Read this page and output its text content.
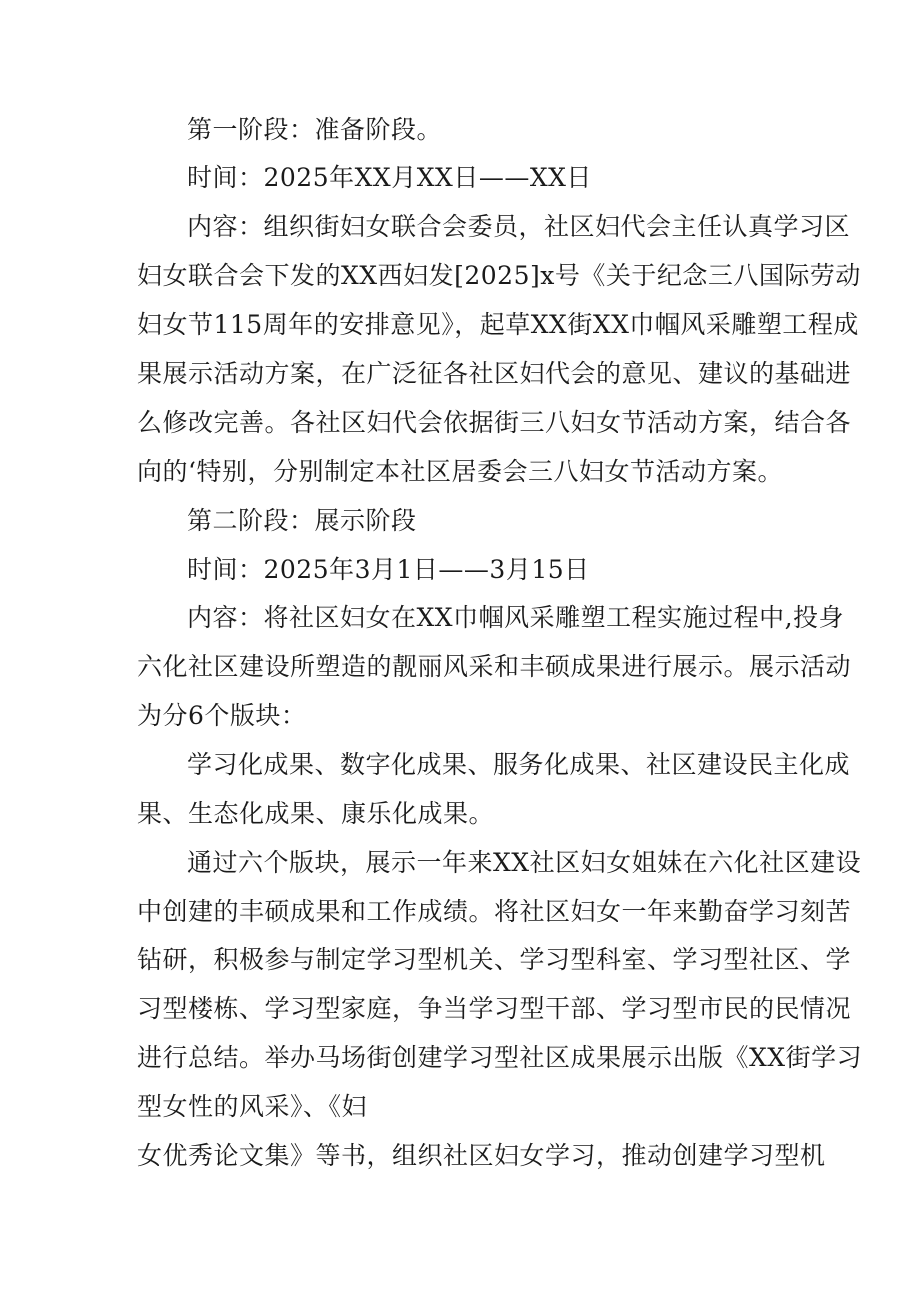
第一阶段：准备阶段。
时间：2025年XX月XX日——XX日
内容：组织街妇女联合会委员，社区妇代会主任认真学习区
妇女联合会下发的XX西妇发[2025]x号《关于纪念三八国际劳动
妇女节115周年的安排意见》，起草XX街XX巾帼风采雕塑工程成
果展示活动方案，在广泛征各社区妇代会的意见、建议的基础进
么修改完善。各社区妇代会依据街三八妇女节活动方案，结合各
向的‘特别，分别制定本社区居委会三八妇女节活动方案。
第二阶段：展示阶段
时间：2025年3月1日——3月15日
内容：将社区妇女在XX巾帼风采雕塑工程实施过程中,投身
六化社区建设所塑造的靓丽风采和丰硕成果进行展示。展示活动
为分6个版块：
学习化成果、数字化成果、服务化成果、社区建设民主化成
果、生态化成果、康乐化成果。
通过六个版块，展示一年来XX社区妇女姐妹在六化社区建设
中创建的丰硕成果和工作成绩。将社区妇女一年来勤奋学习刻苦
钻研，积极参与制定学习型机关、学习型科室、学习型社区、学
习型楼栋、学习型家庭，争当学习型干部、学习型市民的民情况
进行总结。举办马场街创建学习型社区成果展示出版《XX街学习
型女性的风采》、《妇
女优秀论文集》等书，组织社区妇女学习，推动创建学习型机
